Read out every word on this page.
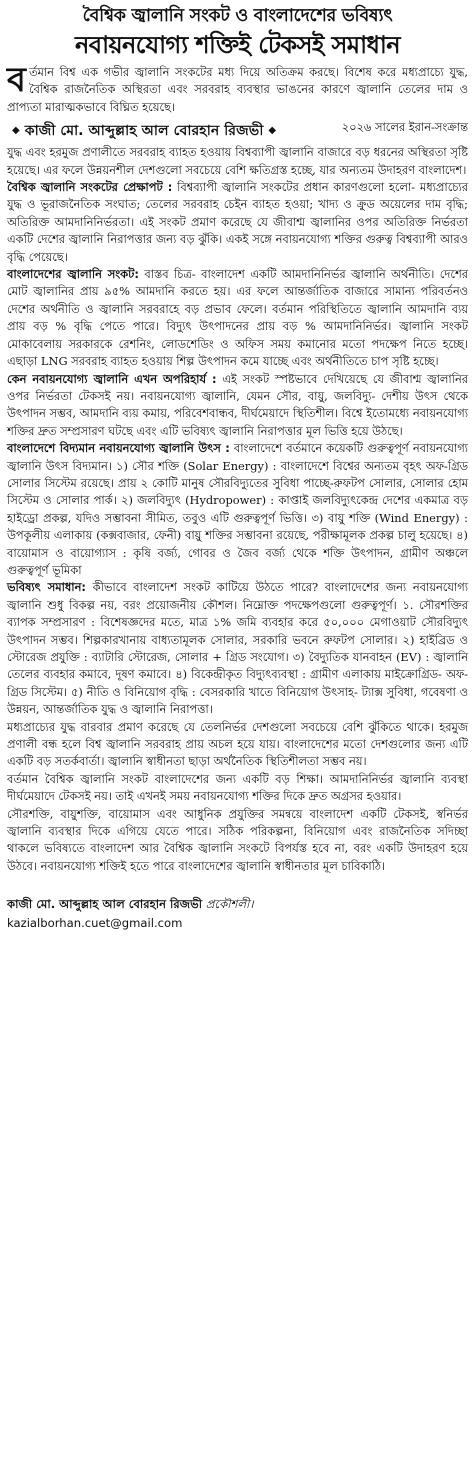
বৈশ্বিক জ্বালানি সংকট ও বাংলাদেশের ভবিষ্যৎ
নবায়নযোগ্য শক্তিই টেকসই সমাধান

বর্তমান বিশ্ব এক গভীর জ্বালানি সংকটের মধ্য দিয়ে অতিক্রম করছে। বিশেষ করে মধ্যপ্রাচ্যে যুদ্ধ, বৈশ্বিক রাজনৈতিক অস্থিরতা এবং সরবরাহ ব্যবস্থার ভাঙনের কারণে জ্বালানি তেলের দাম ও প্রাপ্যতা মারাত্মকভাবে বিঘ্নিত হয়েছে।

◆ কাজী মো. আব্দুল্লাহ আল বোরহান রিজভী ◆	২০২৬ সালের ইরান-সংক্রান্ত

যুদ্ধ এবং হরমুজ প্রণালীতে সরবরাহ ব্যাহত হওয়ায় বিশ্বব্যাপী জ্বালানি বাজারে বড় ধরনের অস্থিরতা সৃষ্টি হয়েছে। এর ফলে উন্নয়নশীল দেশগুলো সবচেয়ে বেশি ক্ষতিগ্রস্ত হচ্ছে, যার অন্যতম উদাহরণ বাংলাদেশ।

বৈশ্বিক জ্বালানি সংকটের প্রেক্ষাপট : বিশ্বব্যাপী জ্বালানি সংকটের প্রধান কারণগুলো হলো- মধ্যপ্রাচ্যের যুদ্ধ ও ভূরাজনৈতিক সংঘাত; তেলের সরবরাহ চেইন ব্যাহত হওয়া; খাদ্য ও ক্রুড অয়েলের দাম বৃদ্ধি; অতিরিক্ত আমদানিনির্ভরতা। এই সংকট প্রমাণ করেছে যে জীবাশ্ম জ্বালানির ওপর অতিরিক্ত নির্ভরতা একটি দেশের জ্বালানি নিরাপত্তার জন্য বড় ঝুঁকি। একই সঙ্গে নবায়নযোগ্য শক্তির গুরুত্ব বিশ্বব্যাপী আরও বৃদ্ধি পেয়েছে।

বাংলাদেশের জ্বালানি সংকট: বাস্তব চিত্র- বাংলাদেশ একটি আমদানিনির্ভর জ্বালানি অর্থনীতি। দেশের মোট জ্বালানির প্রায় ৯৫% আমদানি করতে হয়। এর ফলে আন্তর্জাতিক বাজারে সামান্য পরিবর্তনও দেশের অর্থনীতি ও জ্বালানি সরবরাহে বড় প্রভাব ফেলে। বর্তমান পরিস্থিতিতে জ্বালানি আমদানি ব্যয় প্রায় বড় % বৃদ্ধি পেতে পারে। বিদ্যুৎ উৎপাদনের প্রায় বড় % আমদানিনির্ভর। জ্বালানি সংকট মোকাবেলায় সরকারকে রেশনিং, লোডশেডিং ও অফিস সময় কমানোর মতো পদক্ষেপ নিতে হচ্ছে। এছাড়া LNG সরবরাহ ব্যাহত হওয়ায় শিল্প উৎপাদন কমে যাচ্ছে এবং অর্থনীতিতে চাপ সৃষ্টি হচ্ছে।

কেন নবায়নযোগ্য জ্বালানি এখন অপরিহার্য : এই সংকট স্পষ্টভাবে দেখিয়েছে যে জীবাশ্ম জ্বালানির ওপর নির্ভরতা টেকসই নয়। নবায়নযোগ্য জ্বালানি, যেমন সৌর, বায়ু, জলবিদ্যু- দেশীয় উৎস থেকে উৎপাদন সম্ভব, আমদানি ব্যয় কমায়, পরিবেশবান্ধব, দীর্ঘমেয়াদে স্থিতিশীল। বিশ্বে ইতোমধ্যে নবায়নযোগ্য শক্তির দ্রুত সম্প্রসারণ ঘটছে এবং এটি ভবিষ্যৎ জ্বালানি নিরাপত্তার মূল ভিত্তি হয়ে উঠছে।

বাংলাদেশে বিদ্যমান নবায়নযোগ্য জ্বালানি উৎস : বাংলাদেশে বর্তমানে কয়েকটি গুরুত্বপূর্ণ নবায়নযোগ্য জ্বালানি উৎস বিদ্যমান। ১) সৌর শক্তি (Solar Energy) : বাংলাদেশে বিশ্বের অন্যতম বৃহৎ অফ-গ্রিড সোলার সিস্টেম রয়েছে। প্রায় ২ কোটি মানুষ সৌরবিদ্যুতের সুবিধা পাচ্ছে-রুফটপ সোলার, সোলার হোম সিস্টেম ও সোলার পার্ক। ২) জলবিদ্যুৎ (Hydropower) : কাপ্তাই জলবিদ্যুৎকেন্দ্র দেশের একমাত্র বড় হাইড্রো প্রকল্প, যদিও সম্ভাবনা সীমিত, তবুও এটি গুরুত্বপূর্ণ ভিত্তি। ৩) বায়ু শক্তি (Wind Energy) : উপকূলীয় এলাকায় (কক্সবাজার, ফেনী) বায়ু শক্তির সম্ভাবনা রয়েছে, পরীক্ষামূলক প্রকল্প চালু হয়েছে। ৪) বায়োমাস ও বায়োগ্যাস : কৃষি বর্জ্য, গোবর ও জৈব বর্জ্য থেকে শক্তি উৎপাদন, গ্রামীণ অঞ্চলে গুরুত্বপূর্ণ ভূমিকা

ভবিষ্যৎ সমাধান: কীভাবে বাংলাদেশ সংকট কাটিয়ে উঠতে পারে? বাংলাদেশের জন্য নবায়নযোগ্য জ্বালানি শুধু বিকল্প নয়, বরং প্রয়োজনীয় কৌশল। নিম্নোক্ত পদক্ষেপগুলো গুরুত্বপূর্ণ। ১. সৌরশক্তির ব্যাপক সম্প্রসারণ : বিশেষজ্ঞদের মতে, মাত্র ১% জমি ব্যবহার করে ৫০,০০০ মেগাওয়াট সৌরবিদ্যুৎ উৎপাদন সম্ভব। শিল্পকারখানায় বাধ্যতামূলক সোলার, সরকারি ভবনে রুফটপ সোলার। ২) হাইব্রিড ও স্টোরেজ প্রযুক্তি : ব্যাটারি স্টোরেজ, সোলার + গ্রিড সংযোগ। ৩) বৈদ্যুতিক যানবাহন (EV) : জ্বালানি তেলের ব্যবহার কমাবে, দূষণ কমাবে। ৪) বিকেন্দ্রীকৃত বিদ্যুৎব্যবস্থা : গ্রামীণ এলাকায় মাইক্রোগ্রিড- অফ-গ্রিড সিস্টেম। ৫) নীতি ও বিনিয়োগ বৃদ্ধি : বেসরকারি খাতে বিনিয়োগ উৎসাহ- ট্যাক্স সুবিধা, গবেষণা ও উন্নয়ন, আন্তর্জাতিক যুদ্ধ ও জ্বালানি নিরাপত্তা।

মধ্যপ্রাচ্যের যুদ্ধ বারবার প্রমাণ করেছে যে তেলনির্ভর দেশগুলো সবচেয়ে বেশি ঝুঁকিতে থাকে। হরমুজ প্রণালী বন্ধ হলে বিশ্ব জ্বালানি সরবরাহ প্রায় অচল হয়ে যায়। বাংলাদেশের মতো দেশগুলোর জন্য এটি একটি বড় সতর্কবার্তা। জ্বালানি স্বাধীনতা ছাড়া অর্থনৈতিক স্থিতিশীলতা সম্ভব নয়।

বর্তমান বৈশ্বিক জ্বালানি সংকট বাংলাদেশের জন্য একটি বড় শিক্ষা। আমদানিনির্ভর জ্বালানি ব্যবস্থা দীর্ঘমেয়াদে টেকসই নয়। তাই এখনই সময় নবায়নযোগ্য শক্তির দিকে দ্রুত অগ্রসর হওয়ার।

সৌরশক্তি, বায়ুশক্তি, বায়োমাস এবং আধুনিক প্রযুক্তির সমন্বয়ে বাংলাদেশ একটি টেকসই, স্বনির্ভর জ্বালানি ব্যবস্থার দিকে এগিয়ে যেতে পারে। সঠিক পরিকল্পনা, বিনিয়োগ এবং রাজনৈতিক সদিচ্ছা থাকলে ভবিষ্যতে বাংলাদেশ আর বৈশ্বিক জ্বালানি সংকটে বিপর্যস্ত হবে না, বরং একটি উদাহরণ হয়ে উঠবে। নবায়নযোগ্য শক্তিই হতে পারে বাংলাদেশের জ্বালানি স্বাধীনতার মূল চাবিকাঠি।

কাজী মো. আব্দুল্লাহ আল বোরহান রিজভী প্রকৌশলী।
kazialborhan.cuet@gmail.com
